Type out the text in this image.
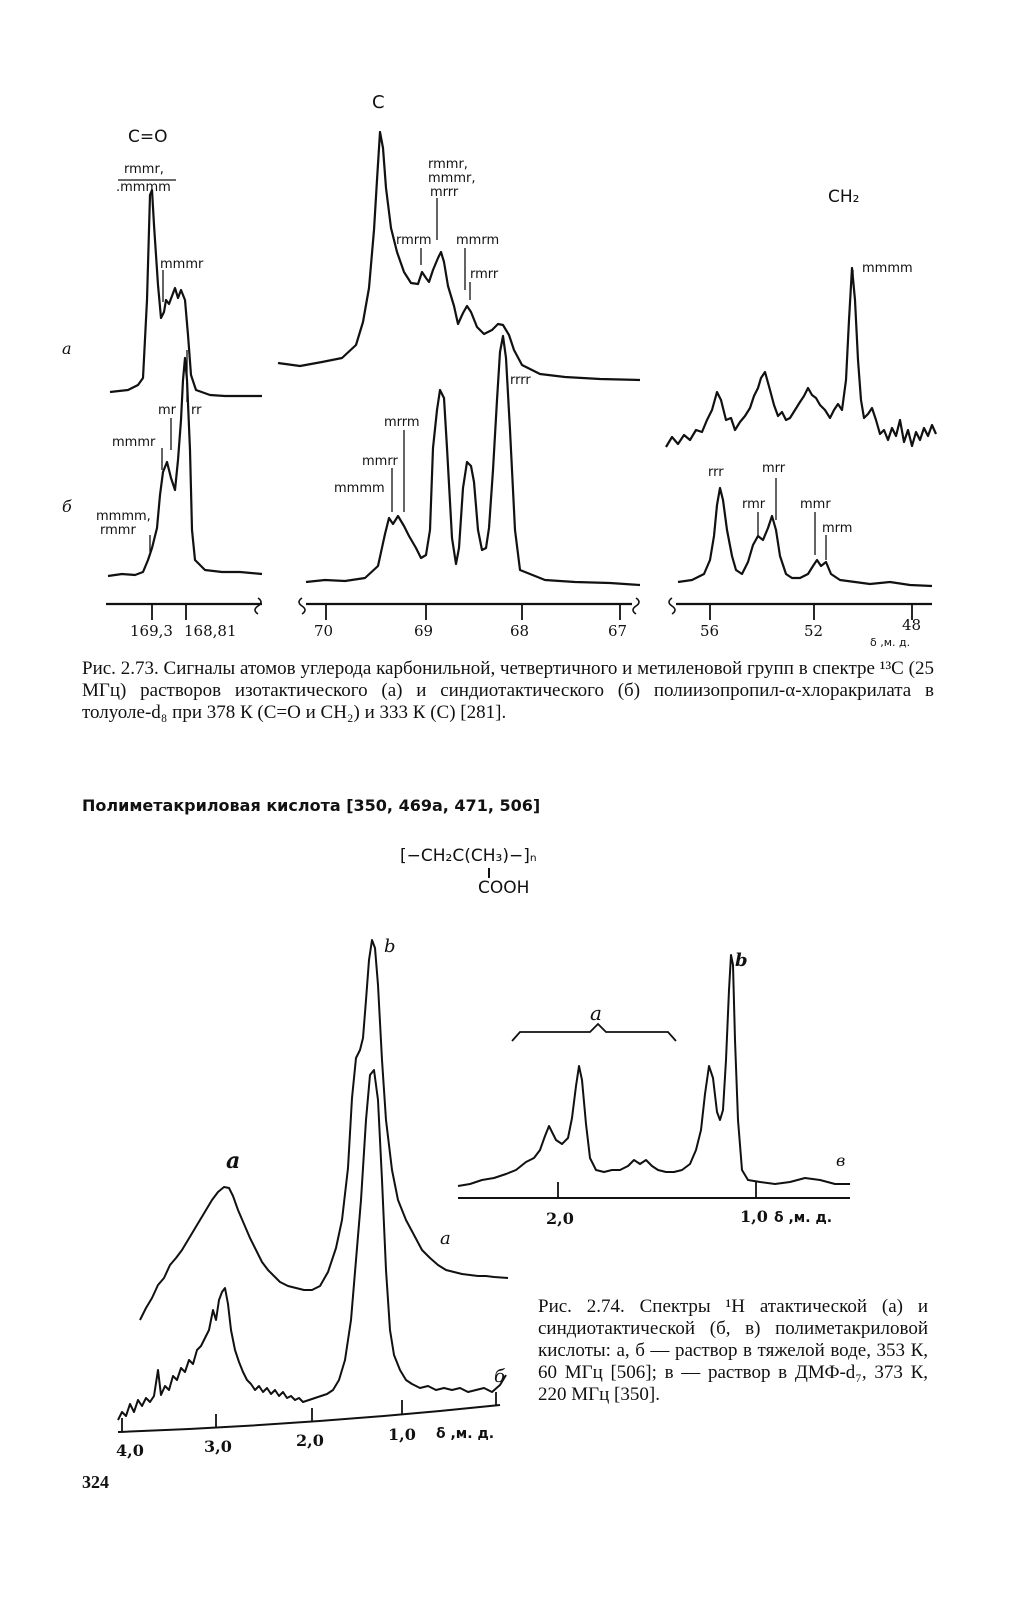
C=O
C
CH₂
а
б
rmmr,
.mmmm
mmmr
mr rr
mmmr
mmmm,
rmmr
rmmr,
mmmr,
mrrr
rmrm mmrm
rmrr
mrrm
mmrr
mmmm
rrrr
mmmm
rrr	mrr
rmr	mmr
mrm
169,3 168,81	70	69	68	67	56	52	48
δ ,м. д.
Рис. 2.73. Сигналы атомов углерода карбонильной, четвертичного и метиленовой групп в спектре ¹³C (25 МГц) растворов изотактического (а) и синдиотактического (б) полиизопропил-α-хлоракрилата в толуоле-d₈ при 378 К (C=O и CH₂) и 333 К (C) [281].
Полиметакриловая кислота [350, 469а, 471, 506]
[−CH₂C(CH₃)−]ₙ
COOH
a
b
а
б
4,0	3,0	2,0	1,0 δ ,м. д.
a
b
в
2,0	1,0 δ ,м. д.
Рис. 2.74. Спектры ¹H атактической (а) и синдиотактической (б, в) полиметакриловой кислоты: а, б — раствор в тяжелой воде, 353 К, 60 МГц [506]; в — раствор в ДМФ-d₇, 373 К, 220 МГц [350].
324
